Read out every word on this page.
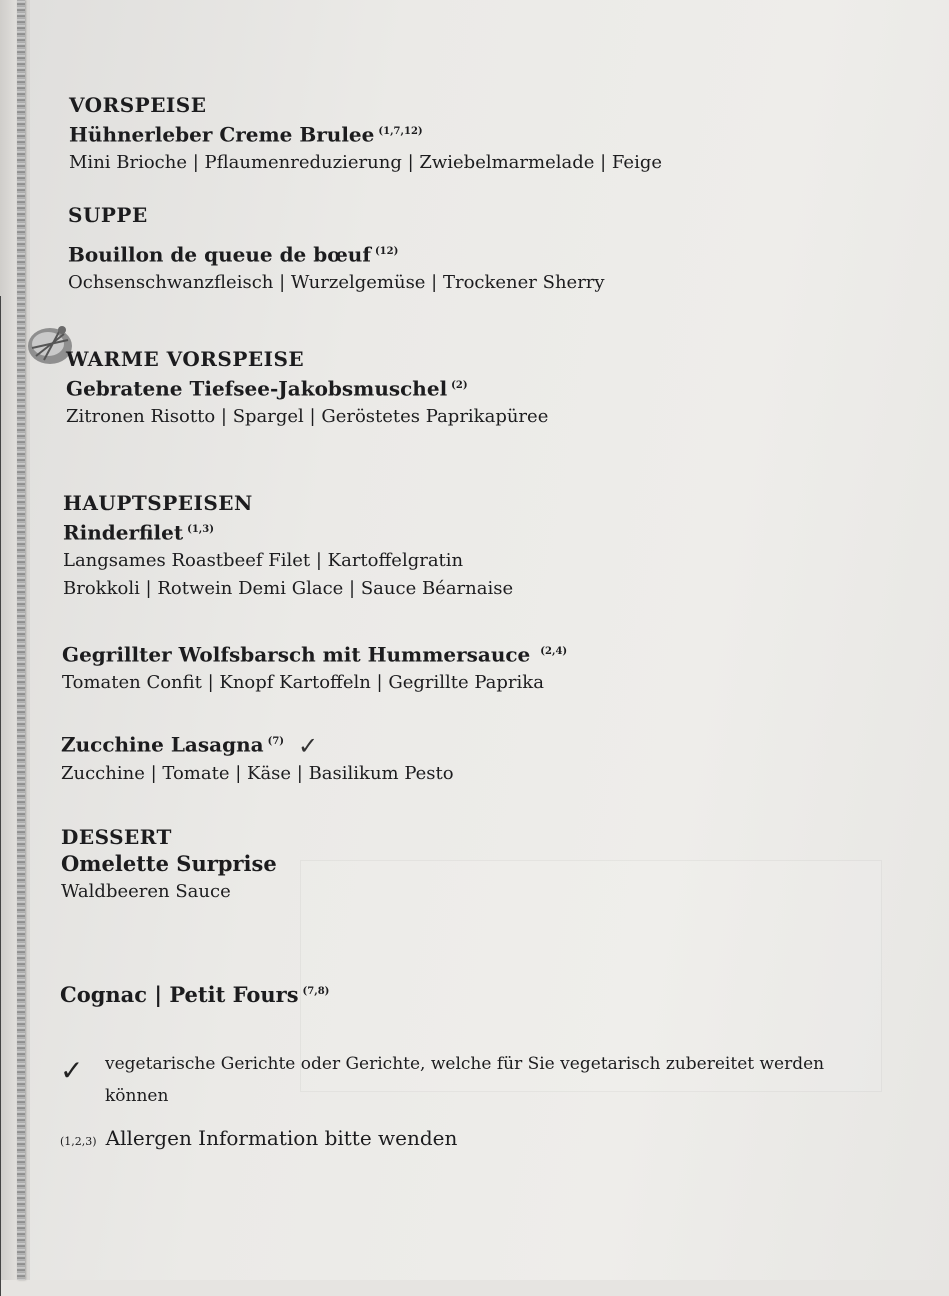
VORSPEISE

Hühnerleber Creme Brulee $^{(1,7,12)}$

Mini Brioche | Pflaumenreduzierung | Zwiebelmarmelade | Feige

SUPPE

Bouillon de queue de bœuf $^{(12)}$

Ochsenschwanzfleisch | Wurzelgemüse | Trockener Sherry

WARME VORSPEISE

Gebratene Tiefsee-Jakobsmuschel $^{(2)}$

Zitronen Risotto | Spargel | Geröstetes Paprikapüree

HAUPTSPEISEN

Rinderfilet $^{(1,3)}$

Langsames Roastbeef Filet | Kartoffelgratin

Brokkoli | Rotwein Demi Glace | Sauce Béarnaise

Gegrillter Wolfsbarsch mit Hummersauce $^{(2,4)}$

Tomaten Confit | Knopf Kartoffeln | Gegrillte Paprika

Zucchine Lasagna $^{(7)}$ ✓

Zucchine | Tomate | Käse | Basilikum Pesto

DESSERT

Omelette Surprise

Waldbeeren Sauce

Cognac | Petit Fours $^{(7,8)}$

✓ vegetarische Gerichte oder Gerichte, welche für Sie vegetarisch zubereitet werden

können

(1,2,3) Allergen Information bitte wenden
